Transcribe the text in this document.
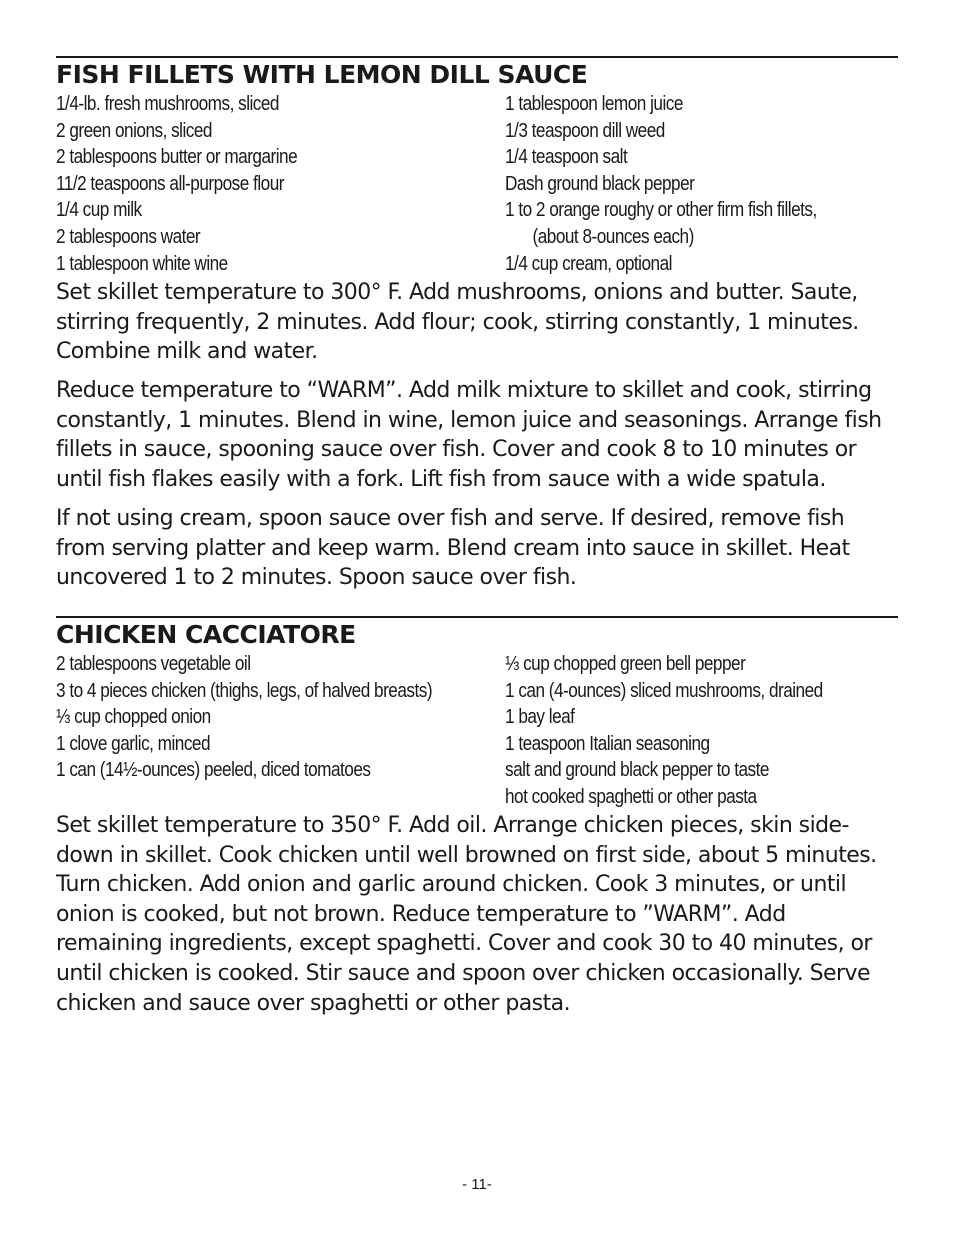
FISH FILLETS WITH LEMON DILL SAUCE
1/4-lb. fresh mushrooms, sliced
2 green onions, sliced
2 tablespoons butter or margarine
11/2 teaspoons all-purpose flour
1/4 cup milk
2 tablespoons water
1 tablespoon white wine
1 tablespoon lemon juice
1/3 teaspoon dill weed
1/4 teaspoon salt
Dash ground black pepper
1 to 2 orange roughy or other firm fish fillets,
(about 8-ounces each)
1/4 cup cream, optional

Set skillet temperature to 300° F. Add mushrooms, onions and butter. Saute, stirring frequently, 2 minutes. Add flour; cook, stirring constantly, 1 minutes. Combine milk and water.

Reduce temperature to “WARM”. Add milk mixture to skillet and cook, stirring constantly, 1 minutes. Blend in wine, lemon juice and seasonings. Arrange fish fillets in sauce, spooning sauce over fish. Cover and cook 8 to 10 minutes or until fish flakes easily with a fork. Lift fish from sauce with a wide spatula.

If not using cream, spoon sauce over fish and serve. If desired, remove fish from serving platter and keep warm. Blend cream into sauce in skillet. Heat uncovered 1 to 2 minutes. Spoon sauce over fish.

CHICKEN CACCIATORE
2 tablespoons vegetable oil
3 to 4 pieces chicken (thighs, legs, of halved breasts)
⅓ cup chopped onion
1 clove garlic, minced
1 can (14½-ounces) peeled, diced tomatoes
⅓ cup chopped green bell pepper
1 can (4-ounces) sliced mushrooms, drained
1 bay leaf
1 teaspoon Italian seasoning
salt and ground black pepper to taste
hot cooked spaghetti or other pasta

Set skillet temperature to 350° F. Add oil. Arrange chicken pieces, skin side-down in skillet. Cook chicken until well browned on first side, about 5 minutes. Turn chicken. Add onion and garlic around chicken. Cook 3 minutes, or until onion is cooked, but not brown. Reduce temperature to ”WARM”. Add remaining ingredients, except spaghetti. Cover and cook 30 to 40 minutes, or until chicken is cooked. Stir sauce and spoon over chicken occasionally. Serve chicken and sauce over spaghetti or other pasta.

- 11-
